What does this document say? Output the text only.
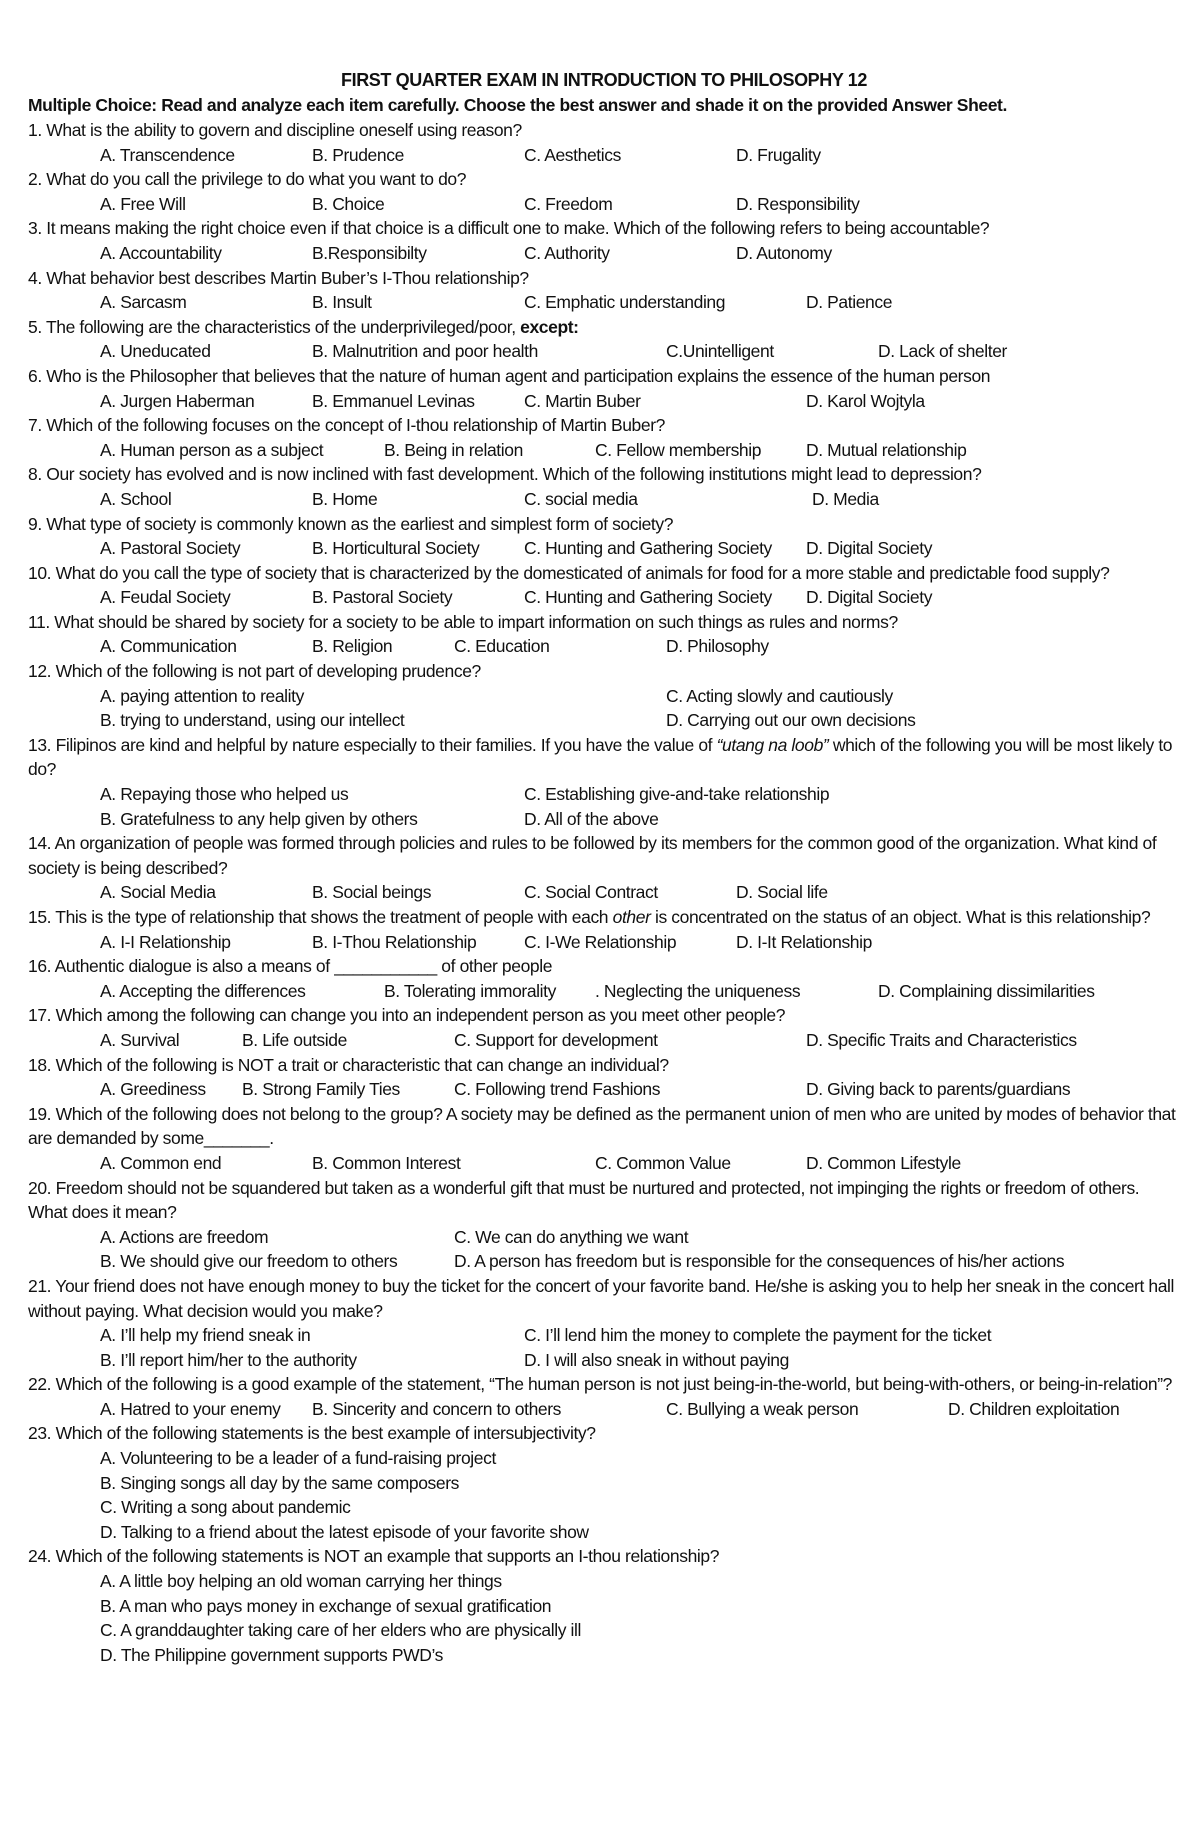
FIRST QUARTER EXAM IN INTRODUCTION TO PHILOSOPHY 12
Multiple Choice: Read and analyze each item carefully. Choose the best answer and shade it on the provided Answer Sheet.
1. What is the ability to govern and discipline oneself using reason?
A. Transcendence	B. Prudence	C. Aesthetics	D. Frugality
2. What do you call the privilege to do what you want to do?
A. Free Will	B. Choice	C. Freedom	D. Responsibility
3. It means making the right choice even if that choice is a difficult one to make. Which of the following refers to being accountable?
A. Accountability	B.Responsibilty	C. Authority	D. Autonomy
4. What behavior best describes Martin Buber’s I-Thou relationship?
A. Sarcasm	B. Insult	C. Emphatic understanding	D. Patience
5. The following are the characteristics of the underprivileged/poor, except:
A. Uneducated	B. Malnutrition and poor health	C.Unintelligent	D. Lack of shelter
6. Who is the Philosopher that believes that the nature of human agent and participation explains the essence of the human person
A. Jurgen Haberman	B. Emmanuel Levinas	C. Martin Buber	D. Karol Wojtyla
7. Which of the following focuses on the concept of I-thou relationship of Martin Buber?
A. Human person as a subject	B. Being in relation	C. Fellow membership	D. Mutual relationship
8. Our society has evolved and is now inclined with fast development. Which of the following institutions might lead to depression?
A. School	B. Home	C. social media	D. Media
9. What type of society is commonly known as the earliest and simplest form of society?
A. Pastoral Society	B. Horticultural Society	C. Hunting and Gathering Society D. Digital Society
10. What do you call the type of society that is characterized by the domesticated of animals for food for a more stable and predictable food supply?
A. Feudal Society	B. Pastoral Society	C. Hunting and Gathering Society D. Digital Society
11. What should be shared by society for a society to be able to impart information on such things as rules and norms?
A. Communication	B. Religion	C. Education	D. Philosophy
12. Which of the following is not part of developing prudence?
A. paying attention to reality	C. Acting slowly and cautiously
B. trying to understand, using our intellect	D. Carrying out our own decisions
13. Filipinos are kind and helpful by nature especially to their families. If you have the value of “utang na loob” which of the following you will be most likely to do?
A. Repaying those who helped us	C. Establishing give-and-take relationship
B. Gratefulness to any help given by others	D. All of the above
14. An organization of people was formed through policies and rules to be followed by its members for the common good of the organization. What kind of society is being described?
A. Social Media	B. Social beings	C. Social Contract	D. Social life
15. This is the type of relationship that shows the treatment of people with each other is concentrated on the status of an object. What is this relationship?
A. I-I Relationship	B. I-Thou Relationship	C. I-We Relationship	D. I-It Relationship
16. Authentic dialogue is also a means of ___________ of other people
A. Accepting the differences	B. Tolerating immorality . Neglecting the uniqueness	D. Complaining dissimilarities
17. Which among the following can change you into an independent person as you meet other people?
A. Survival	B. Life outside	C. Support for development	D. Specific Traits and Characteristics
18. Which of the following is NOT a trait or characteristic that can change an individual?
A. Greediness B. Strong Family Ties	C. Following trend Fashions	D. Giving back to parents/guardians
19. Which of the following does not belong to the group? A society may be defined as the permanent union of men who are united by modes of behavior that are demanded by some_______.
A. Common end	B. Common Interest	C. Common Value	D. Common Lifestyle
20. Freedom should not be squandered but taken as a wonderful gift that must be nurtured and protected, not impinging the rights or freedom of others. What does it mean?
A. Actions are freedom	C. We can do anything we want
B. We should give our freedom to others	D. A person has freedom but is responsible for the consequences of his/her actions
21. Your friend does not have enough money to buy the ticket for the concert of your favorite band. He/she is asking you to help her sneak in the concert hall without paying. What decision would you make?
A. I’ll help my friend sneak in	C. I’ll lend him the money to complete the payment for the ticket
B. I’ll report him/her to the authority	D. I will also sneak in without paying
22. Which of the following is a good example of the statement, “The human person is not just being-in-the-world, but being-with-others, or being-in-relation”?
A. Hatred to your enemy B. Sincerity and concern to others	C. Bullying a weak person	D. Children exploitation
23. Which of the following statements is the best example of intersubjectivity?
A. Volunteering to be a leader of a fund-raising project
B. Singing songs all day by the same composers
C. Writing a song about pandemic
D. Talking to a friend about the latest episode of your favorite show
24. Which of the following statements is NOT an example that supports an I-thou relationship?
A. A little boy helping an old woman carrying her things
B. A man who pays money in exchange of sexual gratification
C. A granddaughter taking care of her elders who are physically ill
D. The Philippine government supports PWD’s
